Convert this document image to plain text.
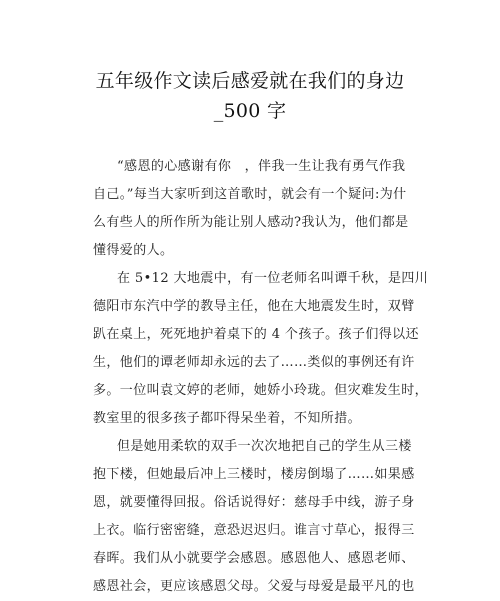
五年级作文读后感爱就在我们的身边
_500 字
“感恩的心感谢有你　，伴我一生让我有勇气作我
自己。”每当大家听到这首歌时，就会有一个疑问:为什
么有些人的所作所为能让别人感动?我认为，他们都是
懂得爱的人。
在 5•12 大地震中，有一位老师名叫谭千秋，是四川
德阳市东汽中学的教导主任，他在大地震发生时，双臂
趴在桌上，死死地护着桌下的 4 个孩子。孩子们得以还
生，他们的谭老师却永远的去了……类似的事例还有许
多。一位叫袁文婷的老师，她娇小玲珑。但灾难发生时，
教室里的很多孩子都吓得呆坐着，不知所措。
但是她用柔软的双手一次次地把自己的学生从三楼
抱下楼，但她最后冲上三楼时，楼房倒塌了……如果感
恩，就要懂得回报。俗话说得好：慈母手中线，游子身
上衣。临行密密缝，意恐迟迟归。谁言寸草心，报得三
春晖。我们从小就要学会感恩。感恩他人、感恩老师、
感恩社会，更应该感恩父母。父爱与母爱是最平凡的也
